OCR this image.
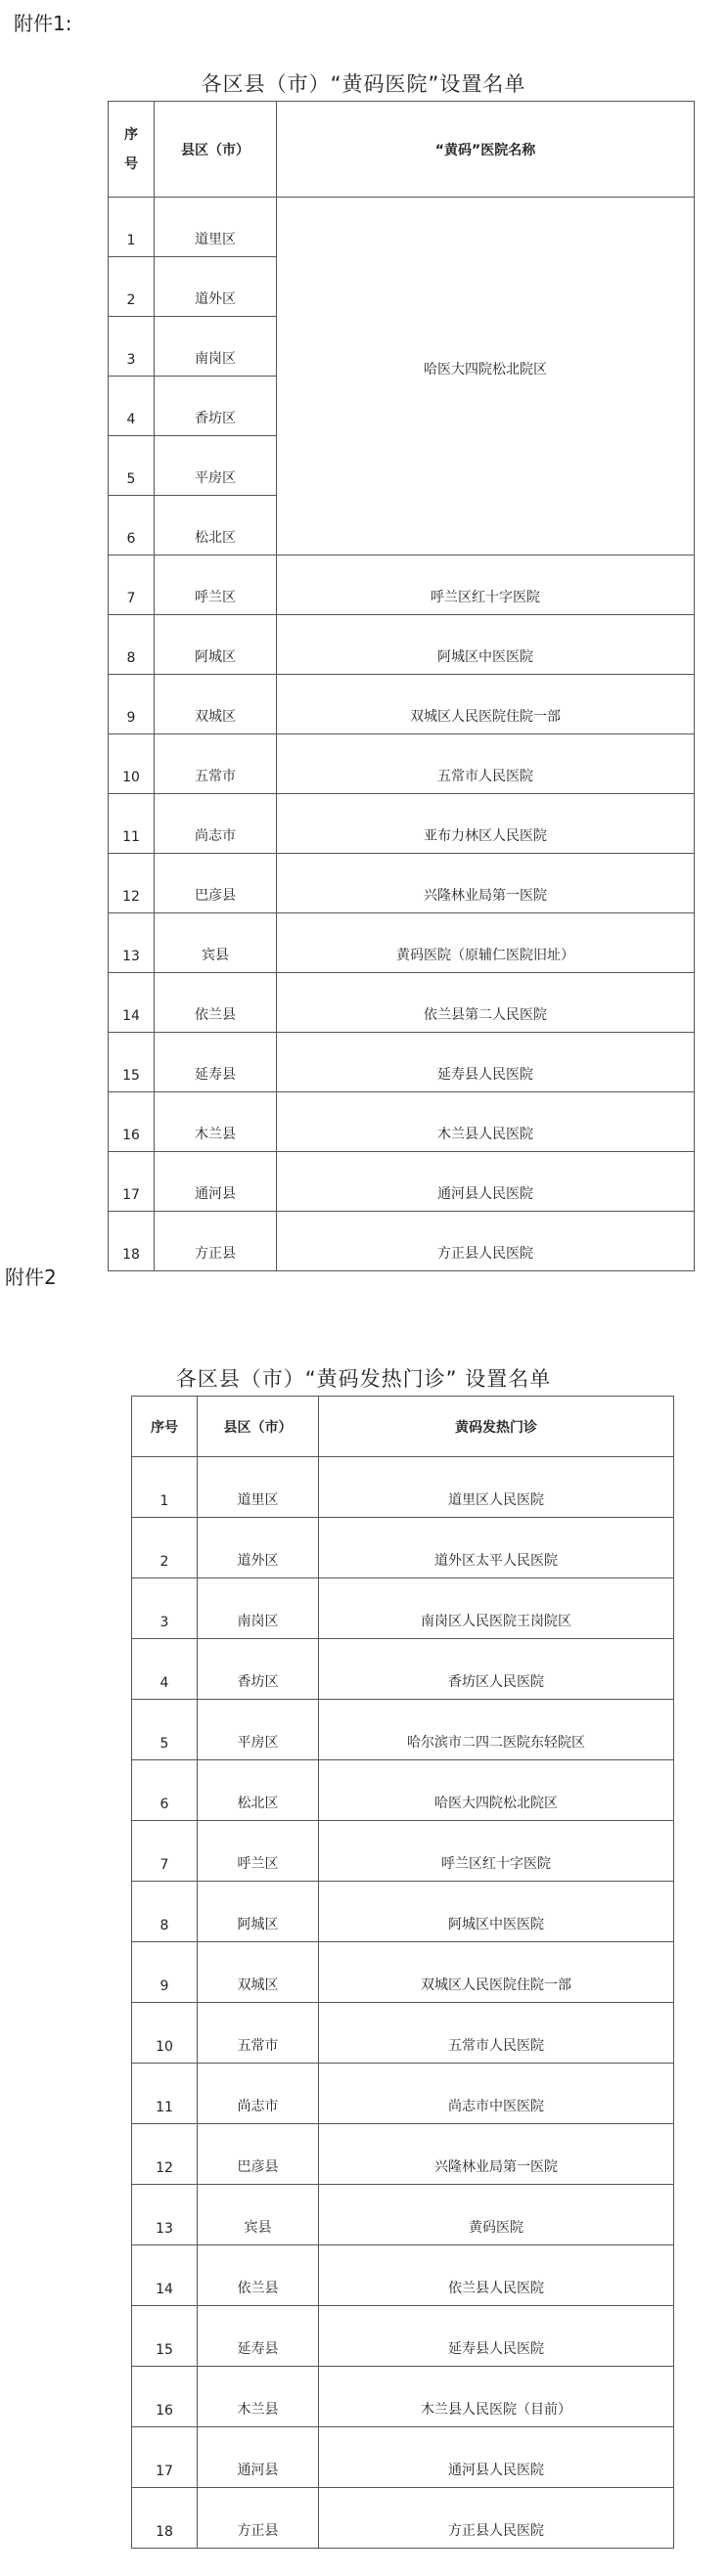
附件1:
各区县（市）“黄码医院”设置名单
序
号	县区（市）	“黄码”医院名称
1	道里区	哈医大四院松北院区

2	道外区	
3	南岗区	
4	香坊区	
5	平房区	
6	松北区	
7	呼兰区	呼兰区红十字医院
8	阿城区	阿城区中医医院
9	双城区	双城区人民医院住院一部
10	五常市	五常市人民医院
11	尚志市	亚布力林区人民医院
12	巴彦县	兴隆林业局第一医院
13	宾县	黄码医院（原辅仁医院旧址）
14	依兰县	依兰县第二人民医院
15	延寿县	延寿县人民医院
16	木兰县	木兰县人民医院
17	通河县	通河县人民医院
18	方正县	方正县人民医院
附件2
各区县（市）“黄码发热门诊” 设置名单
序号	县区（市）	黄码发热门诊
1	道里区	道里区人民医院
2	道外区	道外区太平人民医院
3	南岗区	南岗区人民医院王岗院区
4	香坊区	香坊区人民医院
5	平房区	哈尔滨市二四二医院东轻院区
6	松北区	哈医大四院松北院区
7	呼兰区	呼兰区红十字医院
8	阿城区	阿城区中医医院
9	双城区	双城区人民医院住院一部
10	五常市	五常市人民医院
11	尚志市	尚志市中医医院
12	巴彦县	兴隆林业局第一医院
13	宾县	黄码医院
14	依兰县	依兰县人民医院
15	延寿县	延寿县人民医院
16	木兰县	木兰县人民医院（目前）
17	通河县	通河县人民医院
18	方正县	方正县人民医院
